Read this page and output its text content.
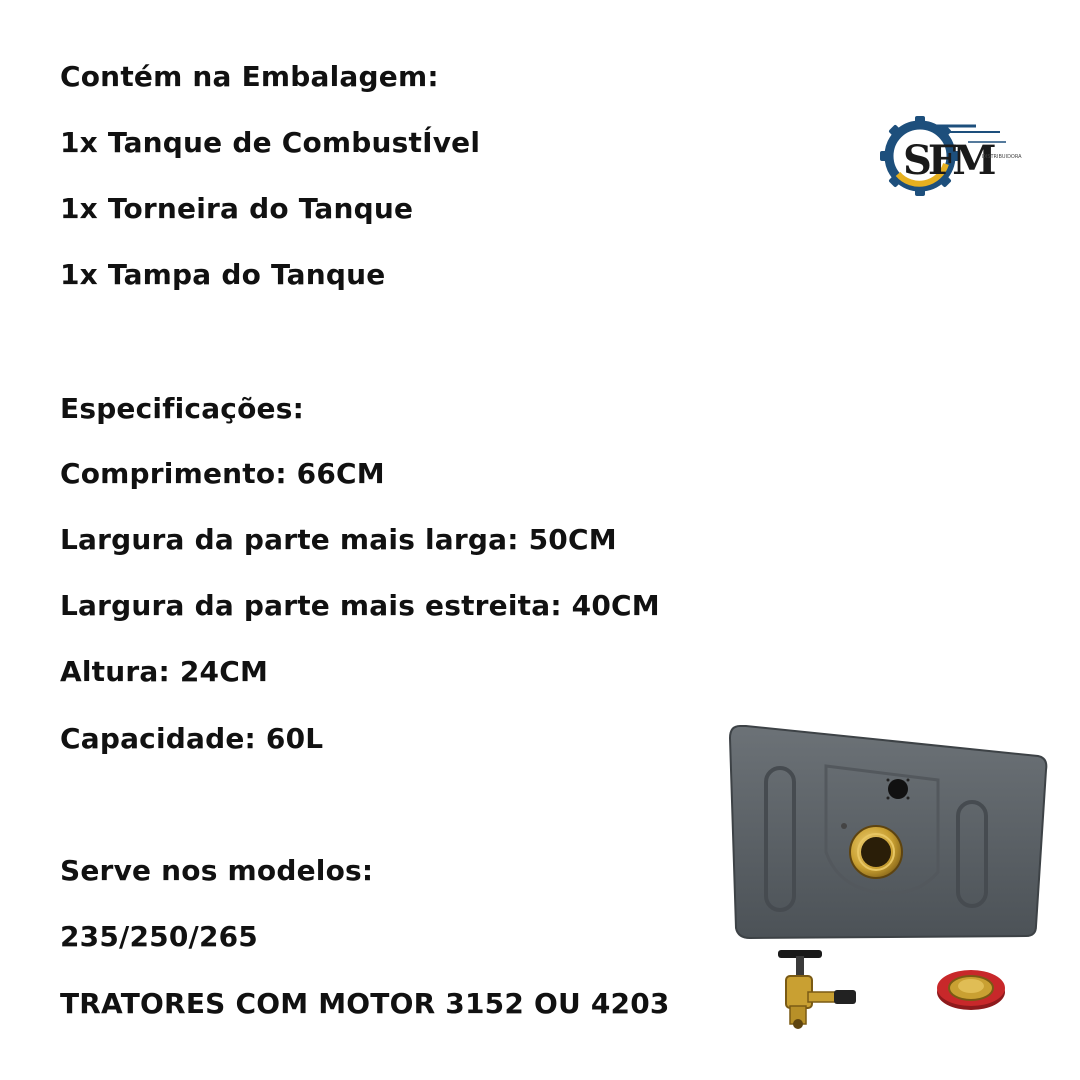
Contém na Embalagem:
1x Tanque de CombustÍvel
1x Torneira do Tanque
1x Tampa do Tanque
Especificações:
Comprimento: 66CM
Largura da parte mais larga: 50CM
Largura da parte mais estreita: 40CM
Altura: 24CM
Capacidade: 60L
Serve nos modelos:
235/250/265
TRATORES COM MOTOR 3152 OU 4203
SFM
DISTRIBUIDORA
